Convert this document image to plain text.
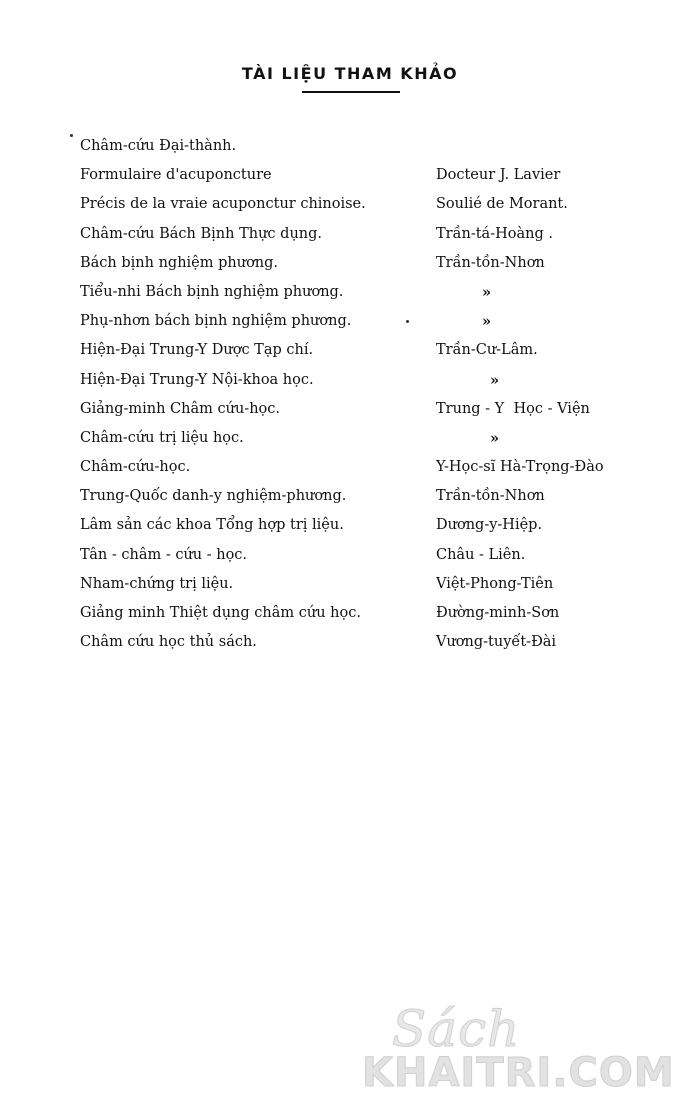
TÀI LIỆU THAM KHẢO
Châm-cứu Đại-thành.
Formulaire d'acuponcture	Docteur J. Lavier
Précis de la vraie acuponctur chinoise.	Soulié de Morant.
Châm-cứu Bách Bịnh Thực dụng.	Trần-tá-Hoàng .
Bách bịnh nghiệm phương.	Trần-tồn-Nhơn
Tiểu-nhi Bách bịnh nghiệm phương.	»
Phụ-nhơn bách bịnh nghiệm phương.	»
Hiện-Đại Trung-Y Dược Tạp chí.	Trần-Cư-Lâm.
Hiện-Đại Trung-Y Nội-khoa học.	»
Giảng-minh Châm cứu-học.	Trung - Y  Học - Viện
Châm-cứu trị liệu học.	»
Châm-cứu-học.	Y-Học-sĩ Hà-Trọng-Đào
Trung-Quốc danh-y nghiệm-phương.	Trần-tồn-Nhơn
Lâm sản các khoa Tổng hợp trị liệu.	Dương-y-Hiệp.
Tân - châm - cứu - học.	Châu - Liên.
Nham-chứng trị liệu.	Việt-Phong-Tiên
Giảng minh Thiệt dụng châm cứu học.	Đường-minh-Sơn
Châm cứu học thủ sách.	Vương-tuyết-Đài
Sách
KHAITRI.COM
